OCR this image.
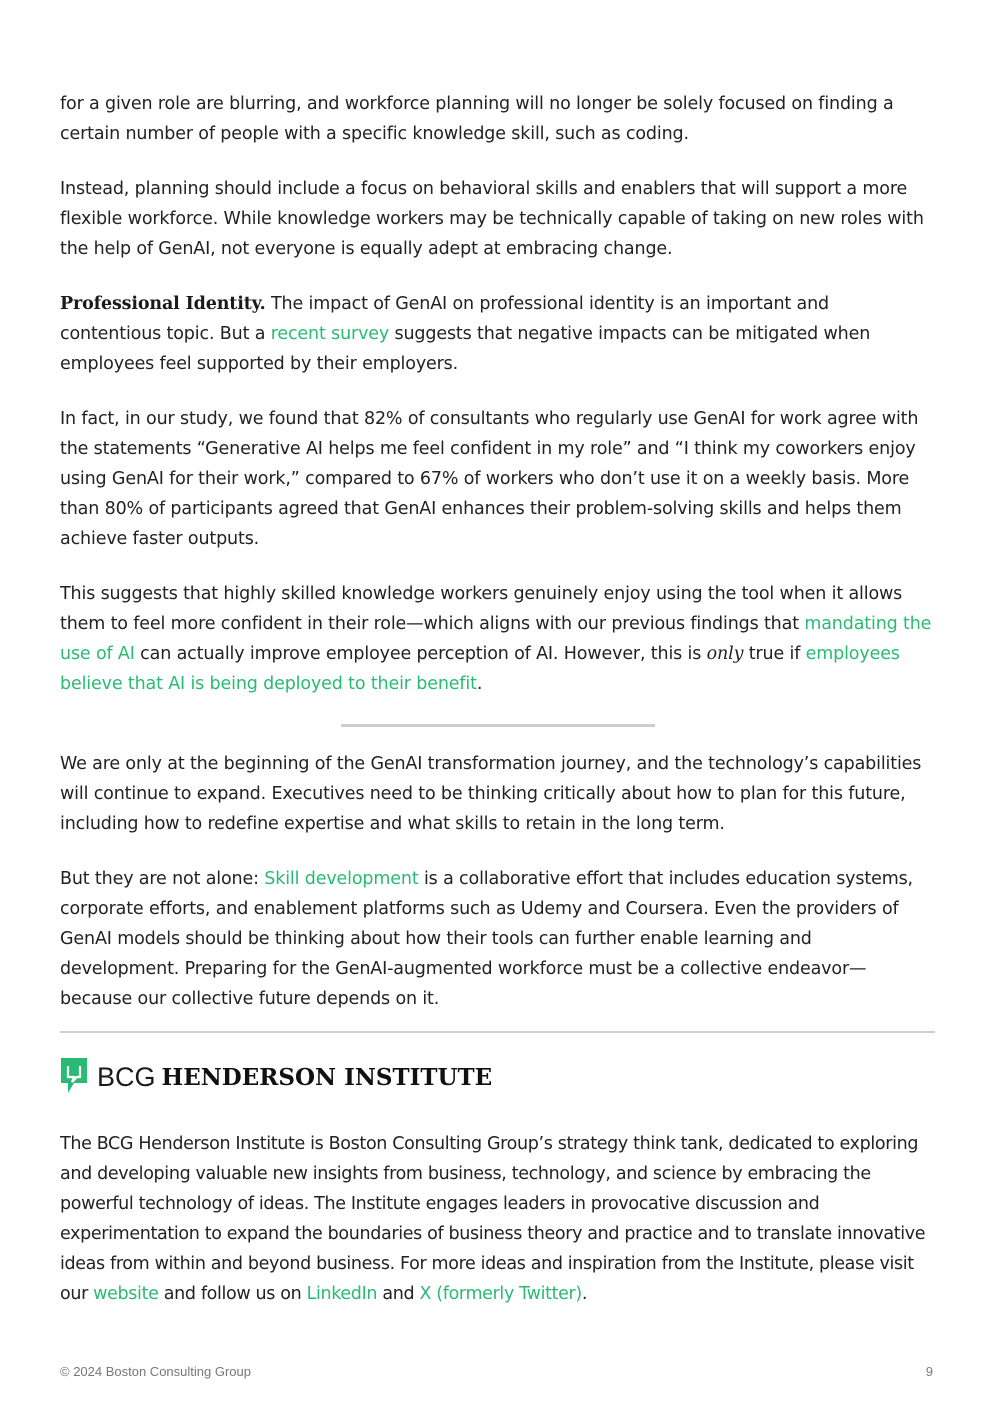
for a given role are blurring, and workforce planning will no longer be solely focused on finding a certain number of people with a specific knowledge skill, such as coding.

Instead, planning should include a focus on behavioral skills and enablers that will support a more flexible workforce. While knowledge workers may be technically capable of taking on new roles with the help of GenAI, not everyone is equally adept at embracing change.

Professional Identity. The impact of GenAI on professional identity is an important and contentious topic. But a recent survey suggests that negative impacts can be mitigated when employees feel supported by their employers.

In fact, in our study, we found that 82% of consultants who regularly use GenAI for work agree with the statements “Generative AI helps me feel confident in my role” and “I think my coworkers enjoy using GenAI for their work,” compared to 67% of workers who don’t use it on a weekly basis. More than 80% of participants agreed that GenAI enhances their problem-solving skills and helps them achieve faster outputs.

This suggests that highly skilled knowledge workers genuinely enjoy using the tool when it allows them to feel more confident in their role—which aligns with our previous findings that mandating the use of AI can actually improve employee perception of AI. However, this is only true if employees believe that AI is being deployed to their benefit.

We are only at the beginning of the GenAI transformation journey, and the technology’s capabilities will continue to expand. Executives need to be thinking critically about how to plan for this future, including how to redefine expertise and what skills to retain in the long term.

But they are not alone: Skill development is a collaborative effort that includes education systems, corporate efforts, and enablement platforms such as Udemy and Coursera. Even the providers of GenAI models should be thinking about how their tools can further enable learning and development. Preparing for the GenAI-augmented workforce must be a collective endeavor—because our collective future depends on it.

BCG HENDERSON INSTITUTE

The BCG Henderson Institute is Boston Consulting Group’s strategy think tank, dedicated to exploring and developing valuable new insights from business, technology, and science by embracing the powerful technology of ideas. The Institute engages leaders in provocative discussion and experimentation to expand the boundaries of business theory and practice and to translate innovative ideas from within and beyond business. For more ideas and inspiration from the Institute, please visit our website and follow us on LinkedIn and X (formerly Twitter).

© 2024 Boston Consulting Group	9
